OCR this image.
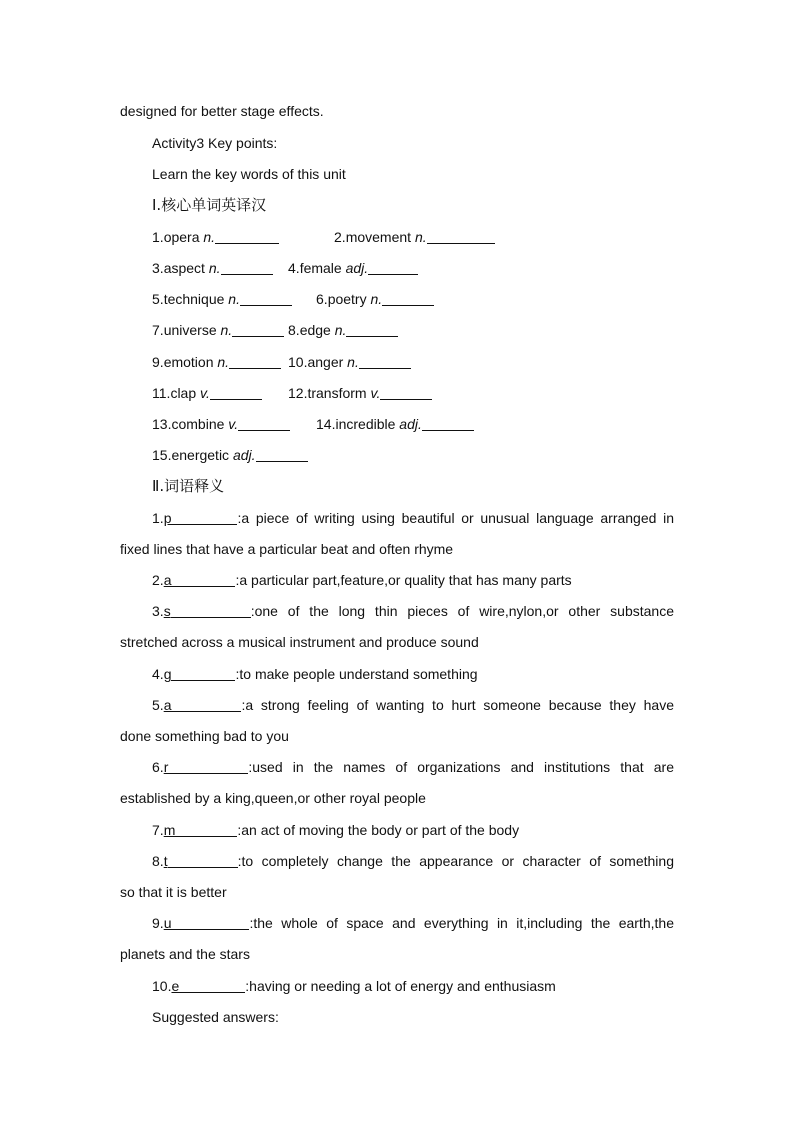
designed for better stage effects.
Activity3 Key points:
Learn the key words of this unit
Ⅰ.核心单词英译汉
1.opera n.	2.movement n.
3.aspect n.	4.female adj.
5.technique n.	6.poetry n.
7.universe n.	8.edge n.
9.emotion n.	10.anger n.
11.clap v.	12.transform v.
13.combine v.	14.incredible adj.
15.energetic adj.
Ⅱ.词语释义
1.p	:a piece of writing using beautiful or unusual language arranged in
fixed lines that have a particular beat and often rhyme
2.a	:a particular part,feature,or quality that has many parts
3.s	:one of the long thin pieces of wire,nylon,or other substance
stretched across a musical instrument and produce sound
4.g	:to make people understand something
5.a	:a strong feeling of wanting to hurt someone because they have
done something bad to you
6.r	:used in the names of organizations and institutions that are
established by a king,queen,or other royal people
7.m	:an act of moving the body or part of the body
8.t	:to completely change the appearance or character of something
so that it is better
9.u	:the whole of space and everything in it,including the earth,the
planets and the stars
10.e	:having or needing a lot of energy and enthusiasm
Suggested answers:
